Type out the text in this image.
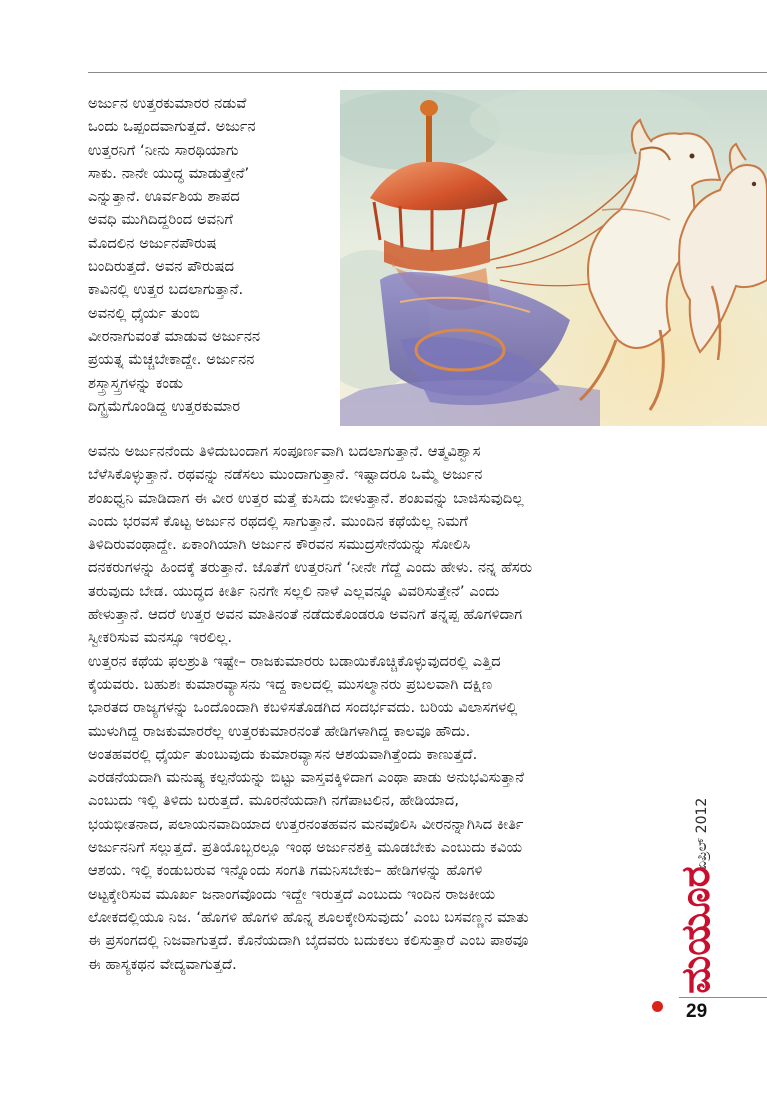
ಅರ್ಜುನ ಉತ್ತರಕುಮಾರರ ನಡುವೆ

ಒಂದು ಒಪ್ಪಂದವಾಗುತ್ತದೆ. ಅರ್ಜುನ

ಉತ್ತರನಿಗೆ ‘ನೀನು ಸಾರಥಿಯಾಗು

ಸಾಕು. ನಾನೇ ಯುದ್ಧ ಮಾಡುತ್ತೇನೆ’

ಎನ್ನುತ್ತಾನೆ. ಊರ್ವಶಿಯ ಶಾಪದ

ಅವಧಿ ಮುಗಿದಿದ್ದರಿಂದ ಅವನಿಗೆ

ಮೊದಲಿನ ಅರ್ಜುನಪೌರುಷ

ಬಂದಿರುತ್ತದೆ. ಅವನ ಪೌರುಷದ

ಕಾವಿನಲ್ಲಿ ಉತ್ತರ ಬದಲಾಗುತ್ತಾನೆ.

ಅವನಲ್ಲಿ ಧೈರ್ಯ ತುಂಬಿ

ವೀರನಾಗುವಂತೆ ಮಾಡುವ ಅರ್ಜುನನ

ಪ್ರಯತ್ನ ಮೆಚ್ಚಬೇಕಾದ್ದೇ. ಅರ್ಜುನನ

ಶಸ್ತ್ರಾಸ್ತ್ರಗಳನ್ನು ಕಂಡು

ದಿಗ್ಭ್ರಮೆಗೊಂಡಿದ್ದ ಉತ್ತರಕುಮಾರ

ಅವನು ಅರ್ಜುನನೆಂದು ತಿಳಿದುಬಂದಾಗ ಸಂಪೂರ್ಣವಾಗಿ ಬದಲಾಗುತ್ತಾನೆ. ಆತ್ಮವಿಶ್ವಾಸ

ಬೆಳೆಸಿಕೊಳ್ಳುತ್ತಾನೆ. ರಥವನ್ನು ನಡೆಸಲು ಮುಂದಾಗುತ್ತಾನೆ. ಇಷ್ಟಾದರೂ ಒಮ್ಮೆ ಅರ್ಜುನ

ಶಂಖಧ್ವನಿ ಮಾಡಿದಾಗ ಈ ವೀರ ಉತ್ತರ ಮತ್ತೆ ಕುಸಿದು ಬೀಳುತ್ತಾನೆ. ಶಂಖವನ್ನು ಬಾಜಿಸುವುದಿಲ್ಲ

ಎಂದು ಭರವಸೆ ಕೊಟ್ಟ ಅರ್ಜುನ ರಥದಲ್ಲಿ ಸಾಗುತ್ತಾನೆ. ಮುಂದಿನ ಕಥೆಯೆಲ್ಲ ನಿಮಗೆ

ತಿಳಿದಿರುವಂಥಾದ್ದೇ. ಏಕಾಂಗಿಯಾಗಿ ಅರ್ಜುನ ಕೌರವನ ಸಮುದ್ರಸೇನೆಯನ್ನು ಸೋಲಿಸಿ

ದನಕರುಗಳನ್ನು ಹಿಂದಕ್ಕೆ ತರುತ್ತಾನೆ. ಜೊತೆಗೆ ಉತ್ತರನಿಗೆ ‘ನೀನೇ ಗೆದ್ದೆ ಎಂದು ಹೇಳು. ನನ್ನ ಹೆಸರು

ತರುವುದು ಬೇಡ. ಯುದ್ಧದ ಕೀರ್ತಿ ನಿನಗೇ ಸಲ್ಲಲಿ ನಾಳೆ ಎಲ್ಲವನ್ನೂ ವಿವರಿಸುತ್ತೇನೆ’ ಎಂದು

ಹೇಳುತ್ತಾನೆ. ಆದರೆ ಉತ್ತರ ಅವನ ಮಾತಿನಂತೆ ನಡೆದುಕೊಂಡರೂ ಅವನಿಗೆ ತನ್ನಪ್ಪ ಹೊಗಳಿದಾಗ

ಸ್ವೀಕರಿಸುವ ಮನಸ್ಸೂ ಇರಲಿಲ್ಲ.

ಉತ್ತರನ ಕಥೆಯ ಫಲಶ್ರುತಿ ಇಷ್ಟೇ– ರಾಜಕುಮಾರರು ಬಡಾಯಿಕೊಚ್ಚಿಕೊಳ್ಳುವುದರಲ್ಲಿ ಎತ್ತಿದ

ಕೈಯವರು. ಬಹುಶಃ ಕುಮಾರವ್ಯಾಸನು ಇದ್ದ ಕಾಲದಲ್ಲಿ ಮುಸಲ್ಮಾನರು ಪ್ರಬಲವಾಗಿ ದಕ್ಷಿಣ

ಭಾರತದ ರಾಜ್ಯಗಳನ್ನು ಒಂದೊಂದಾಗಿ ಕಬಳಿಸತೊಡಗಿದ ಸಂದರ್ಭವದು. ಬರಿಯ ವಿಲಾಸಗಳಲ್ಲಿ

ಮುಳುಗಿದ್ದ ರಾಜಕುಮಾರರೆಲ್ಲ ಉತ್ತರಕುಮಾರನಂತೆ ಹೇಡಿಗಳಾಗಿದ್ದ ಕಾಲವೂ ಹೌದು.

ಅಂತಹವರಲ್ಲಿ ಧೈರ್ಯ ತುಂಬುವುದು ಕುಮಾರವ್ಯಾಸನ ಆಶಯವಾಗಿತ್ತೆಂದು ಕಾಣುತ್ತದೆ.

ಎರಡನೆಯದಾಗಿ ಮನುಷ್ಯ ಕಲ್ಪನೆಯನ್ನು ಬಿಟ್ಟು ವಾಸ್ತವಕ್ಕಿಳಿದಾಗ ಎಂಥಾ ಪಾಡು ಅನುಭವಿಸುತ್ತಾನೆ

ಎಂಬುದು ಇಲ್ಲಿ ತಿಳಿದು ಬರುತ್ತದೆ. ಮೂರನೆಯದಾಗಿ ನಗೆಪಾಟಲಿನ, ಹೇಡಿಯಾದ,

ಭಯಭೀತನಾದ, ಪಲಾಯನವಾದಿಯಾದ ಉತ್ತರನಂತಹವನ ಮನವೊಲಿಸಿ ವೀರನನ್ನಾಗಿಸಿದ ಕೀರ್ತಿ

ಅರ್ಜುನನಿಗೆ ಸಲ್ಲುತ್ತದೆ. ಪ್ರತಿಯೊಬ್ಬರಲ್ಲೂ ಇಂಥ ಅರ್ಜುನಶಕ್ತಿ ಮೂಡಬೇಕು ಎಂಬುದು ಕವಿಯ

ಆಶಯ. ಇಲ್ಲಿ ಕಂಡುಬರುವ ಇನ್ನೊಂದು ಸಂಗತಿ ಗಮನಿಸಬೇಕು– ಹೇಡಿಗಳನ್ನು ಹೊಗಳಿ

ಅಟ್ಟಕ್ಕೇರಿಸುವ ಮೂರ್ಖ ಜನಾಂಗವೊಂದು ಇದ್ದೇ ಇರುತ್ತದೆ ಎಂಬುದು ಇಂದಿನ ರಾಜಕೀಯ

ಲೋಕದಲ್ಲಿಯೂ ನಿಜ. ‘ಹೊಗಳಿ ಹೊಗಳಿ ಹೊನ್ನ ಶೂಲಕ್ಕೇರಿಸುವುದು’ ಎಂಬ ಬಸವಣ್ಣನ ಮಾತು

ಈ ಪ್ರಸಂಗದಲ್ಲಿ ನಿಜವಾಗುತ್ತದೆ. ಕೊನೆಯದಾಗಿ ಬೈದವರು ಬದುಕಲು ಕಲಿಸುತ್ತಾರೆ ಎಂಬ ಪಾಠವೂ

ಈ ಹಾಸ್ಯಕಥನ ವೇದ್ಯವಾಗುತ್ತದೆ.

ಏಪ್ರಿಲ್ 2012
ಮಯೂರ
29
